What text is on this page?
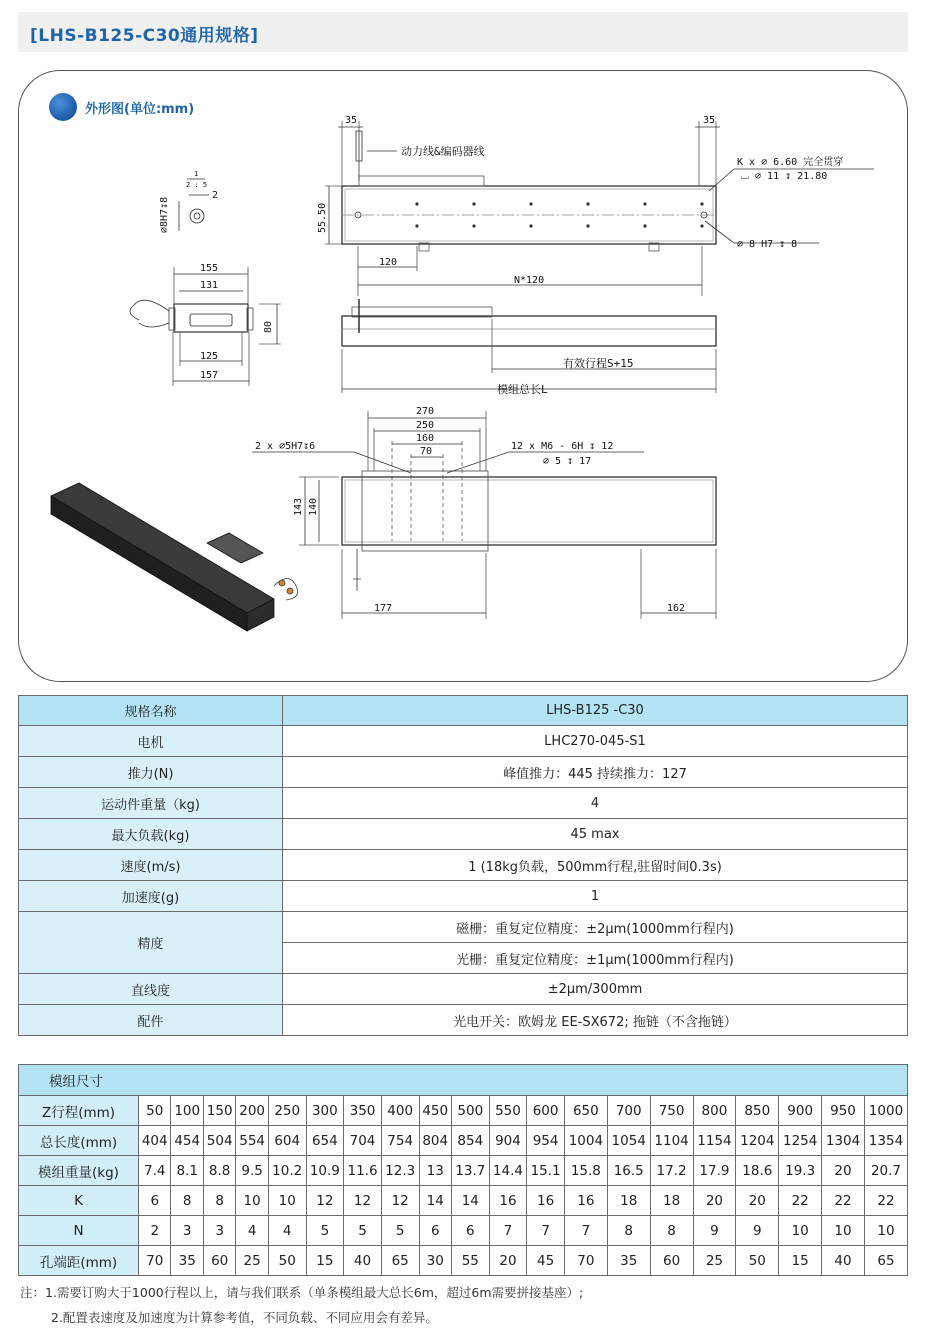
[LHS-B125-C30通用规格]
外形图(单位:mm)
35	35
动力线&编码器线
K x ∅ 6.60 完全贯穿
⌴ ∅ 11 ↧ 21.80
55.50
∅ 8 H7 ↧ 8
120
N*120
1
2 : 5
2
∅8H7↧8
155
131
125
157
80
有效行程S+15
模组总长L
270
250
160
70
2 x ∅5H7↧6	12 x M6 - 6H ↧ 12
∅ 5 ↧ 17
143 140
177	162
规格名称	LHS-B125 -C30
电机	LHC270-045-S1
推力(N)	峰值推力：445 持续推力：127
运动件重量（kg)	4
最大负载(kg)	45 max
速度(m/s)	1 (18kg负载，500mm行程,驻留时间0.3s)
加速度(g)	1
精度	磁栅：重复定位精度：±2μm(1000mm行程内)
	光栅：重复定位精度：±1μm(1000mm行程内)
直线度	±2μm/300mm
配件	光电开关：欧姆龙 EE-SX672; 拖链（不含拖链）
模组尺寸																				
Z行程(mm)	50	100	150	200	250	300	350	400	450	500	550	600	650	700	750	800	850	900	950	1000
总长度(mm)	404	454	504	554	604	654	704	754	804	854	904	954	1004	1054	1104	1154	1204	1254	1304	1354
模组重量(kg)	7.4	8.1	8.8	9.5	10.2	10.9	11.6	12.3	13	13.7	14.4	15.1	15.8	16.5	17.2	17.9	18.6	19.3	20	20.7
K	6	8	8	10	10	12	12	12	14	14	16	16	16	18	18	20	20	22	22	22
N	2	3	3	4	4	5	5	5	6	6	7	7	7	8	8	9	9	10	10	10
孔端距(mm)	70	35	60	25	50	15	40	65	30	55	20	45	70	35	60	25	50	15	40	65
注：1.需要订购大于1000行程以上，请与我们联系（单条模组最大总长6m，超过6m需要拼接基座）;
2.配置表速度及加速度为计算参考值，不同负载、不同应用会有差异。
